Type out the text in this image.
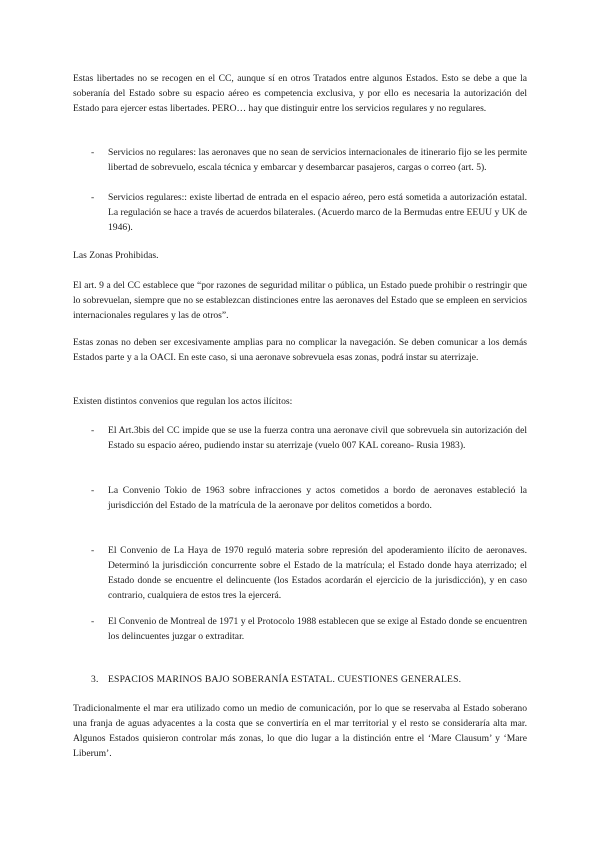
Estas libertades no se recogen en el CC, aunque sí en otros Tratados entre algunos Estados. Esto se debe a que la soberanía del Estado sobre su espacio aéreo es competencia exclusiva, y por ello es necesaria la autorización del Estado para ejercer estas libertades. PERO… hay que distinguir entre los servicios regulares y no regulares.

- Servicios no regulares: las aeronaves que no sean de servicios internacionales de itinerario fijo se les permite libertad de sobrevuelo, escala técnica y embarcar y desembarcar pasajeros, cargas o correo (art. 5).
- Servicios regulares:: existe libertad de entrada en el espacio aéreo, pero está sometida a autorización estatal. La regulación se hace a través de acuerdos bilaterales. (Acuerdo marco de la Bermudas entre EEUU y UK de 1946).

Las Zonas Prohibidas.

El art. 9 a del CC establece que “por razones de seguridad militar o pública, un Estado puede prohibir o restringir que lo sobrevuelan, siempre que no se establezcan distinciones entre las aeronaves del Estado que se empleen en servicios internacionales regulares y las de otros”.

Estas zonas no deben ser excesivamente amplias para no complicar la navegación. Se deben comunicar a los demás Estados parte y a la OACI. En este caso, si una aeronave sobrevuela esas zonas, podrá instar su aterrizaje.

Existen distintos convenios que regulan los actos ilícitos:

- El Art.3bis del CC impide que se use la fuerza contra una aeronave civil que sobrevuela sin autorización del Estado su espacio aéreo, pudiendo instar su aterrizaje (vuelo 007 KAL coreano- Rusia 1983).
- La Convenio Tokio de 1963 sobre infracciones y actos cometidos a bordo de aeronaves estableció la jurisdicción del Estado de la matrícula de la aeronave por delitos cometidos a bordo.
- El Convenio de La Haya de 1970 reguló materia sobre represión del apoderamiento ilícito de aeronaves. Determinó la jurisdicción concurrente sobre el Estado de la matrícula; el Estado donde haya aterrizado; el Estado donde se encuentre el delincuente (los Estados acordarán el ejercicio de la jurisdicción), y en caso contrario, cualquiera de estos tres la ejercerá.
- El Convenio de Montreal de 1971 y el Protocolo 1988 establecen que se exige al Estado donde se encuentren los delincuentes juzgar o extraditar.
3. ESPACIOS MARINOS BAJO SOBERANÍA ESTATAL. CUESTIONES GENERALES.

Tradicionalmente el mar era utilizado como un medio de comunicación, por lo que se reservaba al Estado soberano una franja de aguas adyacentes a la costa que se convertiría en el mar territorial y el resto se consideraría alta mar. Algunos Estados quisieron controlar más zonas, lo que dio lugar a la distinción entre el ‘Mare Clausum’ y ‘Mare Liberum’.
